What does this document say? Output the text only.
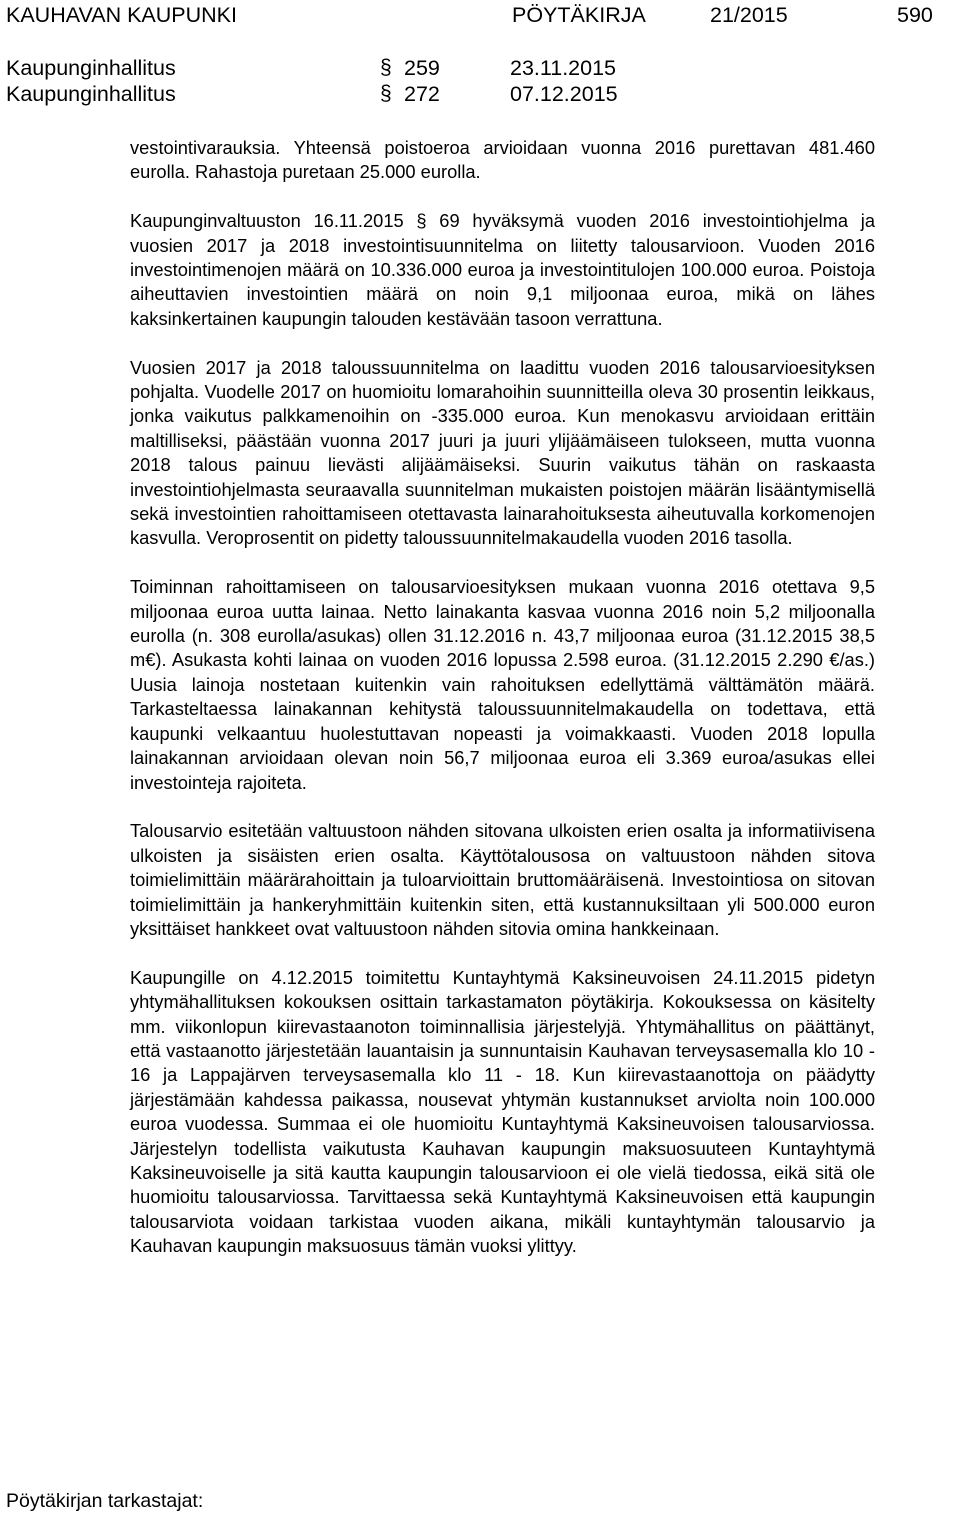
KAUHAVAN KAUPUNKI	PÖYTÄKIRJA	21/2015	590
Kaupunginhallitus	§ 259	23.11.2015
Kaupunginhallitus	§ 272	07.12.2015

vestointivarauksia. Yhteensä poistoeroa arvioidaan vuonna 2016 purettavan 481.460 eurolla. Rahastoja puretaan 25.000 eurolla.

Kaupunginvaltuuston 16.11.2015 § 69 hyväksymä vuoden 2016 investointiohjelma ja vuosien 2017 ja 2018 investointisuunnitelma on liitetty talousarvioon. Vuoden 2016 investointimenojen määrä on 10.336.000 euroa ja investointitulojen 100.000 euroa. Poistoja aiheuttavien investointien määrä on noin 9,1 miljoonaa euroa, mikä on lähes kaksinkertainen kaupungin talouden kestävään tasoon verrattuna.

Vuosien 2017 ja 2018 taloussuunnitelma on laadittu vuoden 2016 talousarvioesityksen pohjalta. Vuodelle 2017 on huomioitu lomarahoihin suunnitteilla oleva 30 prosentin leikkaus, jonka vaikutus palkkamenoihin on -335.000 euroa. Kun menokasvu arvioidaan erittäin maltilliseksi, päästään vuonna 2017 juuri ja juuri ylijäämäiseen tulokseen, mutta vuonna 2018 talous painuu lievästi alijäämäiseksi. Suurin vaikutus tähän on raskaasta investointiohjelmasta seuraavalla suunnitelman mukaisten poistojen määrän lisääntymisellä sekä investointien rahoittamiseen otettavasta lainarahoituksesta aiheutuvalla korkomenojen kasvulla. Veroprosentit on pidetty taloussuunnitelmakaudella vuoden 2016 tasolla.

Toiminnan rahoittamiseen on talousarvioesityksen mukaan vuonna 2016 otettava 9,5 miljoonaa euroa uutta lainaa. Netto lainakanta kasvaa vuonna 2016 noin 5,2 miljoonalla eurolla (n. 308 eurolla/asukas) ollen 31.12.2016 n. 43,7 miljoonaa euroa (31.12.2015 38,5 m€). Asukasta kohti lainaa on vuoden 2016 lopussa 2.598 euroa. (31.12.2015 2.290 €/as.) Uusia lainoja nostetaan kuitenkin vain rahoituksen edellyttämä välttämätön määrä. Tarkasteltaessa lainakannan kehitystä taloussuunnitelmakaudella on todettava, että kaupunki velkaantuu huolestuttavan nopeasti ja voimakkaasti. Vuoden 2018 lopulla lainakannan arvioidaan olevan noin 56,7 miljoonaa euroa eli 3.369 euroa/asukas ellei investointeja rajoiteta.

Talousarvio esitetään valtuustoon nähden sitovana ulkoisten erien osalta ja informatiivisena ulkoisten ja sisäisten erien osalta. Käyttötalousosa on valtuustoon nähden sitova toimielimittäin määrärahoittain ja tuloarvioittain bruttomääräisenä. Investointiosa on sitovan toimielimittäin ja hankeryhmittäin kuitenkin siten, että kustannuksiltaan yli 500.000 euron yksittäiset hankkeet ovat valtuustoon nähden sitovia omina hankkeinaan.

Kaupungille on 4.12.2015 toimitettu Kuntayhtymä Kaksineuvoisen 24.11.2015 pidetyn yhtymähallituksen kokouksen osittain tarkastamaton pöytäkirja. Kokouksessa on käsitelty mm. viikonlopun kiirevastaanoton toiminnallisia järjestelyjä. Yhtymähallitus on päättänyt, että vastaanotto järjestetään lauantaisin ja sunnuntaisin Kauhavan terveysasemalla klo 10 - 16 ja Lappajärven terveysasemalla klo 11 - 18. Kun kiirevastaanottoja on päädytty järjestämään kahdessa paikassa, nousevat yhtymän kustannukset arviolta noin 100.000 euroa vuodessa. Summaa ei ole huomioitu Kuntayhtymä Kaksineuvoisen talousarviossa. Järjestelyn todellista vaikutusta Kauhavan kaupungin maksuosuuteen Kuntayhtymä Kaksineuvoiselle ja sitä kautta kaupungin talousarvioon ei ole vielä tiedossa, eikä sitä ole huomioitu talousarviossa. Tarvittaessa sekä Kuntayhtymä Kaksineuvoisen että kaupungin talousarviota voidaan tarkistaa vuoden aikana, mikäli kuntayhtymän talousarvio ja Kauhavan kaupungin maksuosuus tämän vuoksi ylittyy.

Pöytäkirjan tarkastajat:
